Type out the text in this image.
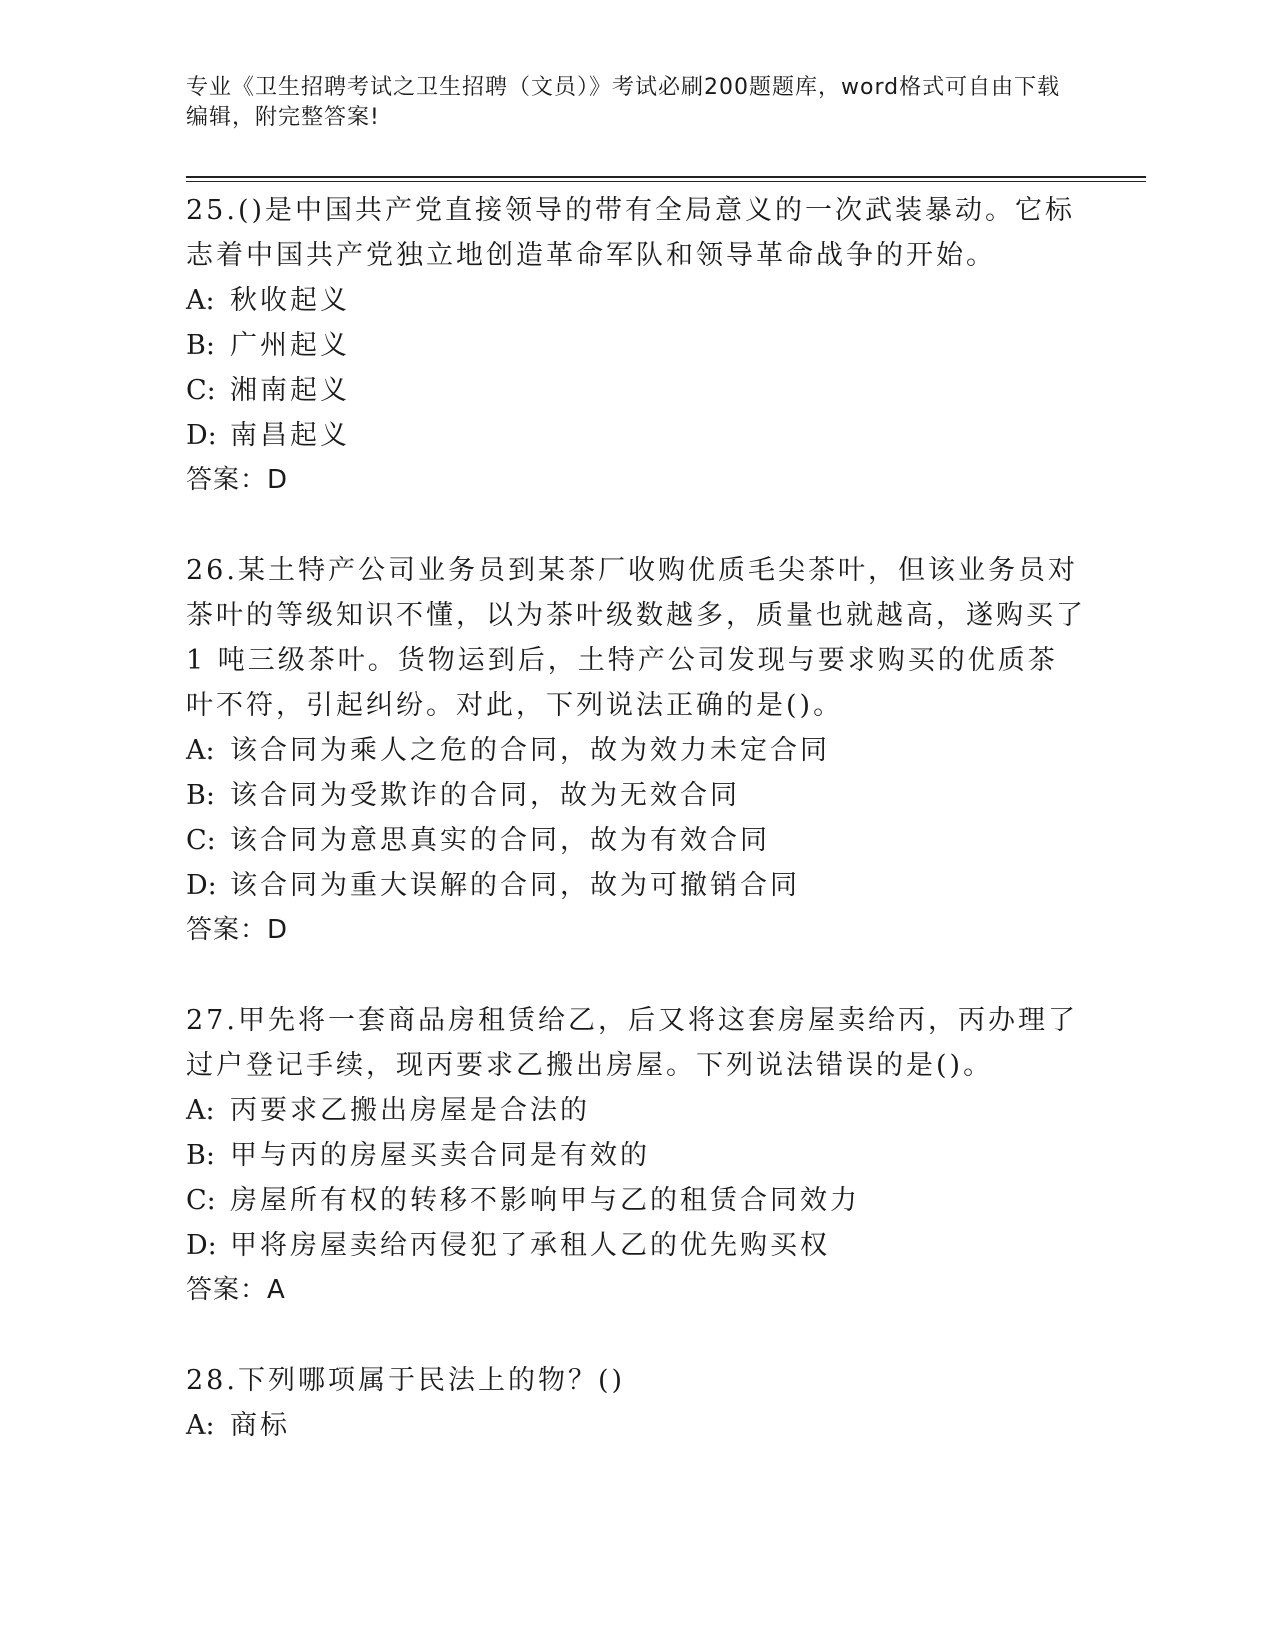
专业《卫生招聘考试之卫生招聘（文员）》考试必刷200题题库，word格式可自由下载编辑，附完整答案!

25.()是中国共产党直接领导的带有全局意义的一次武装暴动。它标志着中国共产党独立地创造革命军队和领导革命战争的开始。

A: 秋收起义

B: 广州起义

C: 湘南起义

D: 南昌起义

答案：D

26.某土特产公司业务员到某茶厂收购优质毛尖茶叶，但该业务员对茶叶的等级知识不懂，以为茶叶级数越多，质量也就越高，遂购买了 1 吨三级茶叶。货物运到后，土特产公司发现与要求购买的优质茶叶不符，引起纠纷。对此，下列说法正确的是()。

A: 该合同为乘人之危的合同，故为效力未定合同

B: 该合同为受欺诈的合同，故为无效合同

C: 该合同为意思真实的合同，故为有效合同

D: 该合同为重大误解的合同，故为可撤销合同

答案：D

27.甲先将一套商品房租赁给乙，后又将这套房屋卖给丙，丙办理了过户登记手续，现丙要求乙搬出房屋。下列说法错误的是()。

A: 丙要求乙搬出房屋是合法的

B: 甲与丙的房屋买卖合同是有效的

C: 房屋所有权的转移不影响甲与乙的租赁合同效力

D: 甲将房屋卖给丙侵犯了承租人乙的优先购买权

答案：A

28.下列哪项属于民法上的物？()

A: 商标
